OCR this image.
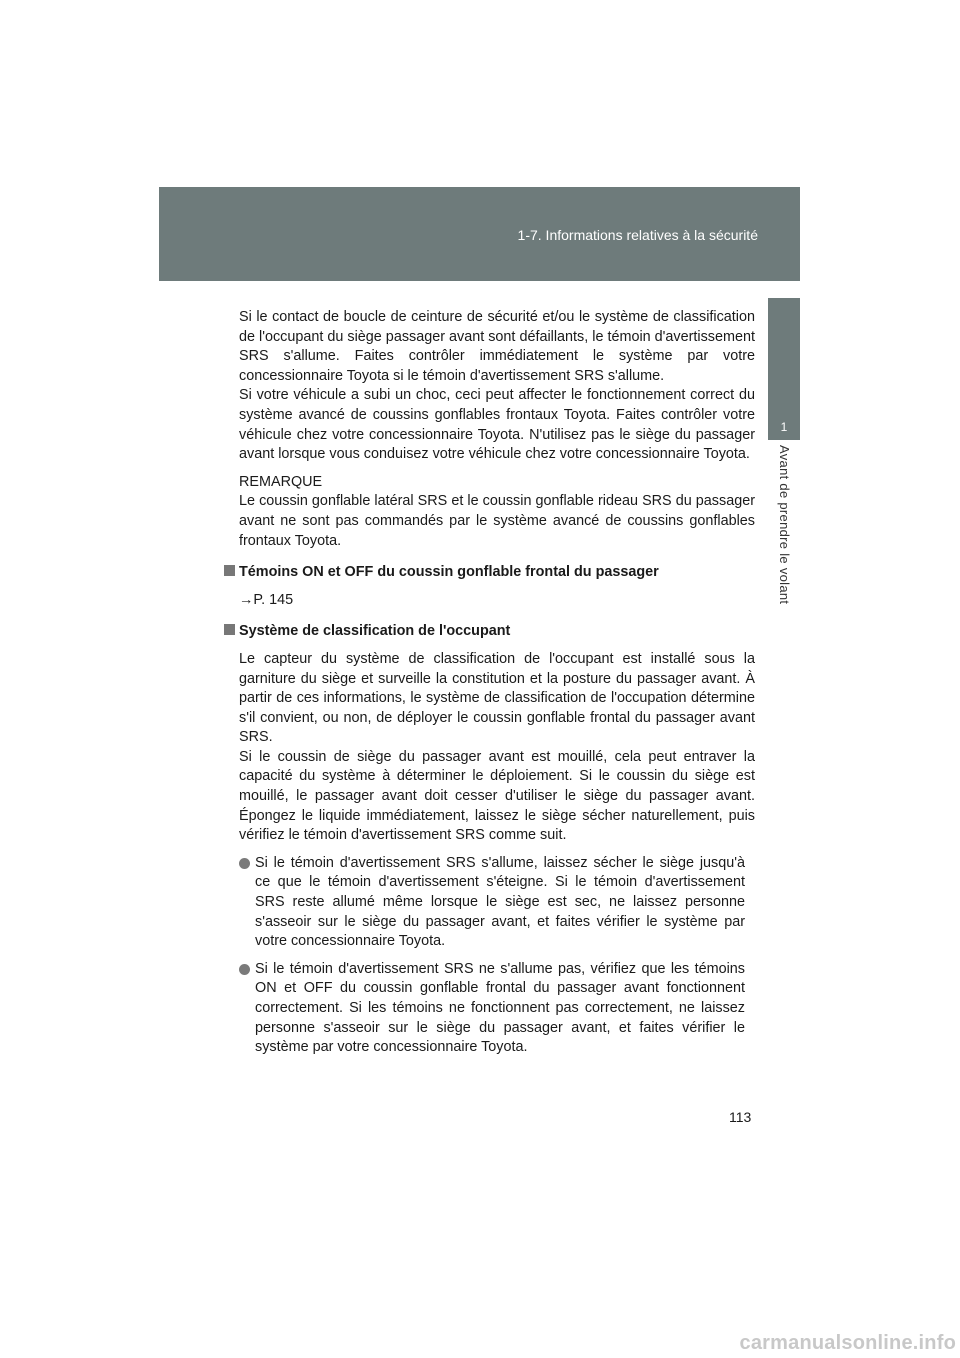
1-7. Informations relatives à la sécurité
1
Avant de prendre le volant

Si le contact de boucle de ceinture de sécurité et/ou le système de classification de l'occupant du siège passager avant sont défaillants, le témoin d'avertissement SRS s'allume. Faites contrôler immédiatement le système par votre concessionnaire Toyota si le témoin d'avertissement SRS s'allume.

Si votre véhicule a subi un choc, ceci peut affecter le fonctionnement correct du système avancé de coussins gonflables frontaux Toyota. Faites contrôler votre véhicule chez votre concessionnaire Toyota. N'utilisez pas le siège du passager avant lorsque vous conduisez votre véhicule chez votre concessionnaire Toyota.

REMARQUE

Le coussin gonflable latéral SRS et le coussin gonflable rideau SRS du passager avant ne sont pas commandés par le système avancé de coussins gonflables frontaux Toyota.

Témoins ON et OFF du coussin gonflable frontal du passager

→P. 145

Système de classification de l'occupant

Le capteur du système de classification de l'occupant est installé sous la garniture du siège et surveille la constitution et la posture du passager avant. À partir de ces informations, le système de classification de l'occupation détermine s'il convient, ou non, de déployer le coussin gonflable frontal du passager avant SRS.

Si le coussin de siège du passager avant est mouillé, cela peut entraver la capacité du système à déterminer le déploiement. Si le coussin du siège est mouillé, le passager avant doit cesser d'utiliser le siège du passager avant. Épongez le liquide immédiatement, laissez le siège sécher naturellement, puis vérifiez le témoin d'avertissement SRS comme suit.

Si le témoin d'avertissement SRS s'allume, laissez sécher le siège jusqu'à ce que le témoin d'avertissement s'éteigne. Si le témoin d'avertissement SRS reste allumé même lorsque le siège est sec, ne laissez personne s'asseoir sur le siège du passager avant, et faites vérifier le système par votre concessionnaire Toyota.
Si le témoin d'avertissement SRS ne s'allume pas, vérifiez que les témoins ON et OFF du coussin gonflable frontal du passager avant fonctionnent correctement. Si les témoins ne fonctionnent pas correctement, ne laissez personne s'asseoir sur le siège du passager avant, et faites vérifier le système par votre concessionnaire Toyota.
113
carmanualsonline.info
